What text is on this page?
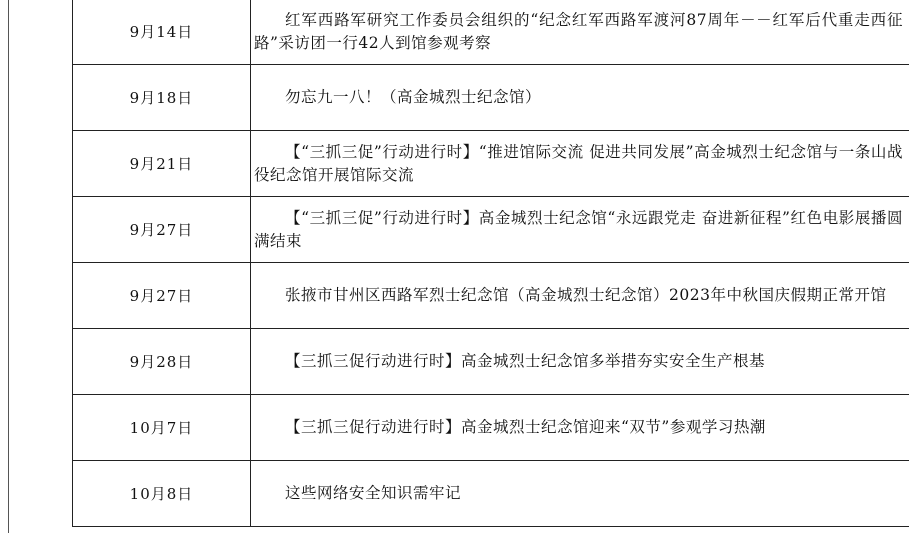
9月14日	红军西路军研究工作委员会组织的“纪念红军西路军渡河87周年－－红军后代重走西征路”采访团一行42人到馆参观考察
9月18日	勿忘九一八！（高金城烈士纪念馆）
9月21日	【“三抓三促”行动进行时】“推进馆际交流 促进共同发展”高金城烈士纪念馆与一条山战役纪念馆开展馆际交流
9月27日	【“三抓三促”行动进行时】高金城烈士纪念馆“永远跟党走 奋进新征程”红色电影展播圆满结束
9月27日	张掖市甘州区西路军烈士纪念馆（高金城烈士纪念馆）2023年中秋国庆假期正常开馆
9月28日	【三抓三促行动进行时】高金城烈士纪念馆多举措夯实安全生产根基
10月7日	【三抓三促行动进行时】高金城烈士纪念馆迎来“双节”参观学习热潮
10月8日	这些网络安全知识需牢记
